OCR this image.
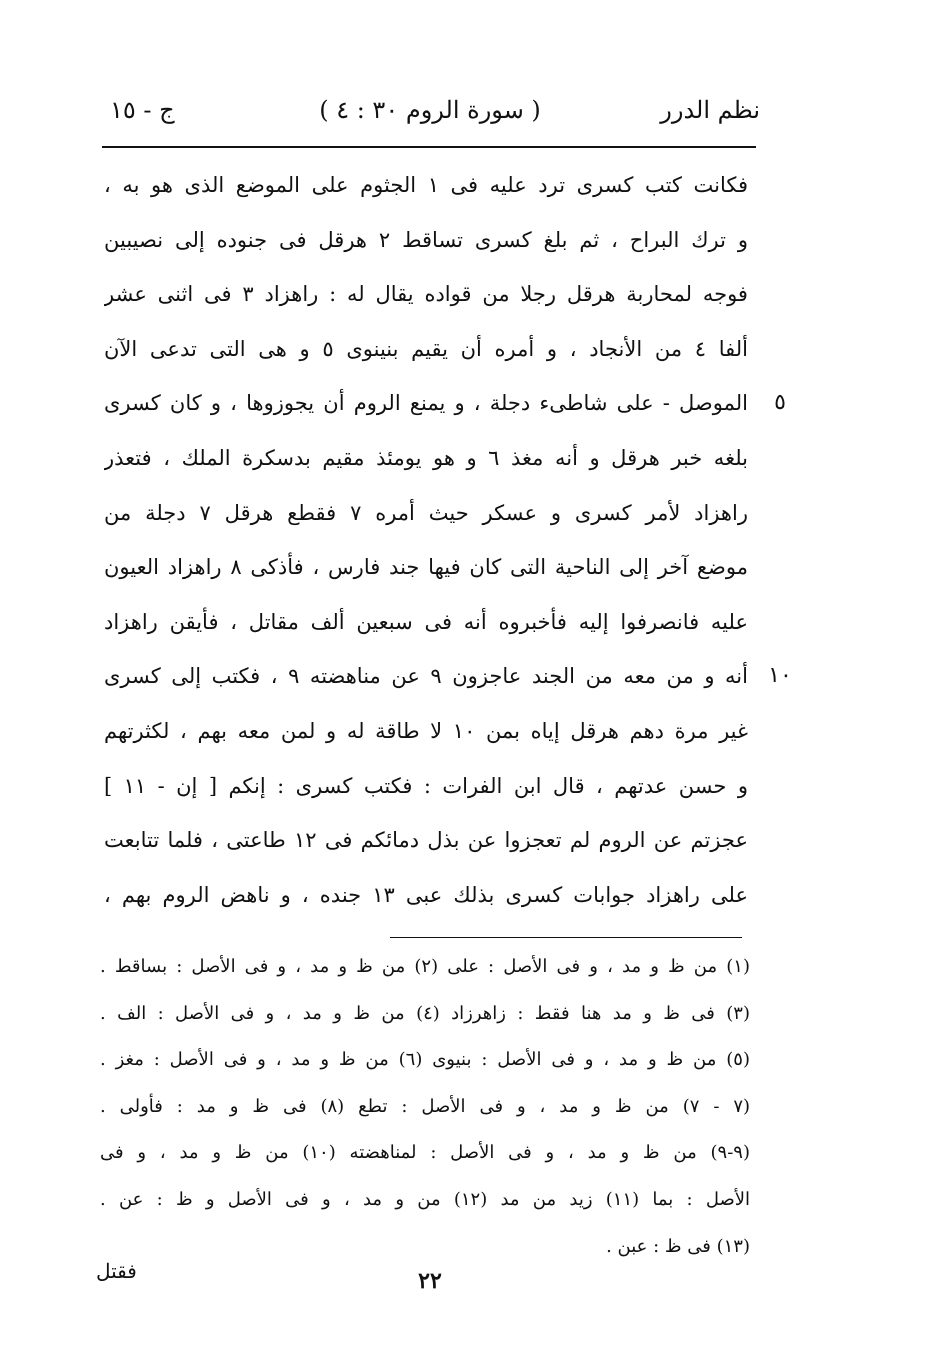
نظم الدرر
( سورة الروم ٣٠ : ٤ )
ج - ١٥
٥
١٠
فكانت كتب كسرى ترد عليه فى ١ الجثوم على الموضع الذى هو به ،
و ترك البراح ، ثم بلغ كسرى تساقط ٢ هرقل فى جنوده إلى نصيبين
فوجه لمحاربة هرقل رجلا من قواده يقال له : راهزاد ٣ فى اثنى عشر
ألفا ٤ من الأنجاد ، و أمره أن يقيم بنينوى ٥ و هى التى تدعى الآن
الموصل - على شاطىء دجلة ، و يمنع الروم أن يجوزوها ، و كان كسرى
بلغه خبر هرقل و أنه مغذ ٦ و هو يومئذ مقيم بدسكرة الملك ، فتعذر
راهزاد لأمر كسرى و عسكر حيث أمره ٧ فقطع هرقل ٧ دجلة من
موضع آخر إلى الناحية التى كان فيها جند فارس ، فأذكى ٨ راهزاد العيون
عليه فانصرفوا إليه فأخبروه أنه فى سبعين ألف مقاتل ، فأيقن راهزاد
أنه و من معه من الجند عاجزون ٩ عن مناهضته ٩ ، فكتب إلى كسرى
غير مرة دهم هرقل إياه بمن ١٠ لا طاقة له و لمن معه بهم ، لكثرتهم
و حسن عدتهم ، قال ابن الفرات : فكتب كسرى : إنكم [ إن - ١١ ]
عجزتم عن الروم لم تعجزوا عن بذل دمائكم فى ١٢ طاعتى ، فلما تتابعت
على راهزاد جوابات كسرى بذلك عبى ١٣ جنده ، و ناهض الروم بهم ،
(١) من ظ و مد ، و فى الأصل : على (٢) من ظ و مد ، و فى الأصل : بساقط .
(٣) فى ظ و مد هنا فقط : زاهرزاد (٤) من ظ و مد ، و فى الأصل : الف .
(٥) من ظ و مد ، و فى الأصل : بنيوى (٦) من ظ و مد ، و فى الأصل : مغز .
(٧ - ٧) من ظ و مد ، و فى الأصل : تطع (٨) فى ظ و مد : فأولى .
(٩-٩) من ظ و مد ، و فى الأصل : لمناهضته (١٠) من ظ و مد ، و فى
الأصل : بما (١١) زيد من مد (١٢) من و مد ، و فى الأصل و ظ : عن .
(١٣) فى ظ : عبن .
٢٢
فقتل
